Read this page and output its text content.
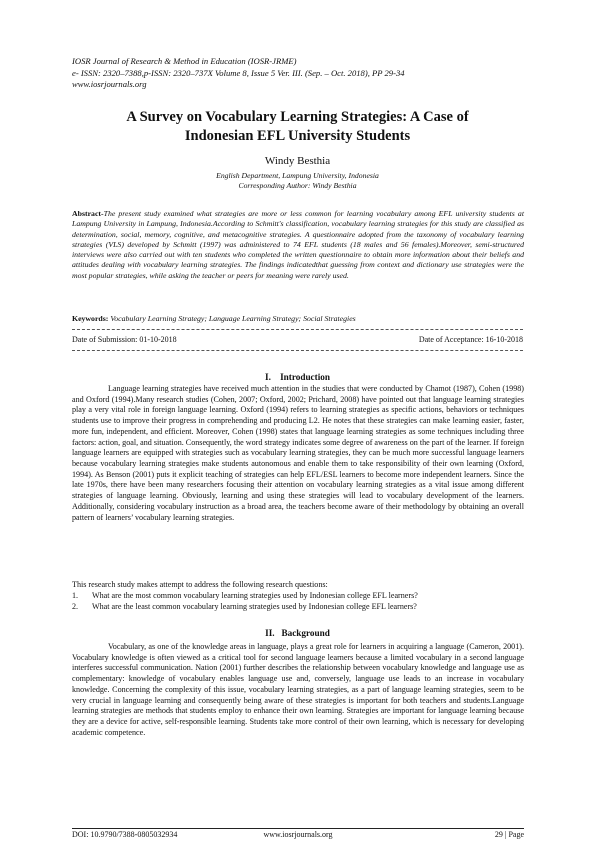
IOSR Journal of Research & Method in Education (IOSR-JRME)
e- ISSN: 2320–7388,p-ISSN: 2320–737X Volume 8, Issue 5 Ver. III. (Sep. – Oct. 2018), PP 29-34
www.iosrjournals.org
A Survey on Vocabulary Learning Strategies: A Case of
Indonesian EFL University Students
Windy Besthia
English Department, Lampung University, Indonesia
Corresponding Author: Windy Besthia
Abstract-The present study examined what strategies are more or less common for learning vocabulary among EFL university students at Lampung University in Lampung, Indonesia.According to Schmitt's classification, vocabulary learning strategies for this study are classified as determination, social, memory, cognitive, and metacognitive strategies. A questionnaire adopted from the taxonomy of vocabulary learning strategies (VLS) developed by Schmitt (1997) was administered to 74 EFL students (18 males and 56 females).Moreover, semi-structured interviews were also carried out with ten students who completed the written questionnaire to obtain more information about their beliefs and attitudes dealing with vocabulary learning strategies. The findings indicatedthat guessing from context and dictionary use strategies were the most popular strategies, while asking the teacher or peers for meaning were rarely used.
Keywords: Vocabulary Learning Strategy; Language Learning Strategy; Social Strategies
Date of Submission: 01-10-2018	Date of Acceptance: 16-10-2018
I.    Introduction
Language learning strategies have received much attention in the studies that were conducted by Chamot (1987), Cohen (1998) and Oxford (1994).Many research studies (Cohen, 2007; Oxford, 2002; Prichard, 2008) have pointed out that language learning strategies play a very vital role in foreign language learning. Oxford (1994) refers to learning strategies as specific actions, behaviors or techniques students use to improve their progress in comprehending and producing L2. He notes that these strategies can make learning easier, faster, more fun, independent, and efficient. Moreover, Cohen (1998) states that language learning strategies as some techniques including three factors: action, goal, and situation. Consequently, the word strategy indicates some degree of awareness on the part of the learner. If foreign language learners are equipped with strategies such as vocabulary learning strategies, they can be much more successful language learners because vocabulary learning strategies make students autonomous and enable them to take responsibility of their own learning (Oxford, 1994). As Benson (2001) puts it explicit teaching of strategies can help EFL/ESL learners to become more independent learners. Since the late 1970s, there have been many researchers focusing their attention on vocabulary learning strategies as a vital issue among different strategies of language learning. Obviously, learning and using these strategies will lead to vocabulary development of the learners. Additionally, considering vocabulary instruction as a broad area, the teachers become aware of their methodology by obtaining an overall pattern of learners’ vocabulary learning strategies.
This research study makes attempt to address the following research questions:
1. What are the most common vocabulary learning strategies used by Indonesian college EFL learners?
2. What are the least common vocabulary learning strategies used by Indonesian college EFL learners?
II.   Background
Vocabulary, as one of the knowledge areas in language, plays a great role for learners in acquiring a language (Cameron, 2001). Vocabulary knowledge is often viewed as a critical tool for second language learners because a limited vocabulary in a second language interferes successful communication. Nation (2001) further describes the relationship between vocabulary knowledge and language use as complementary: knowledge of vocabulary enables language use and, conversely, language use leads to an increase in vocabulary knowledge. Concerning the complexity of this issue, vocabulary learning strategies, as a part of language learning strategies, seem to be very crucial in language learning and consequently being aware of these strategies is important for both teachers and students.Language learning strategies are methods that students employ to enhance their own learning. Strategies are important for language learning because they are a device for active, self-responsible learning. Students take more control of their own learning, which is necessary for developing academic competence.
DOI: 10.9790/7388-0805032934	www.iosrjournals.org	29 | Page
